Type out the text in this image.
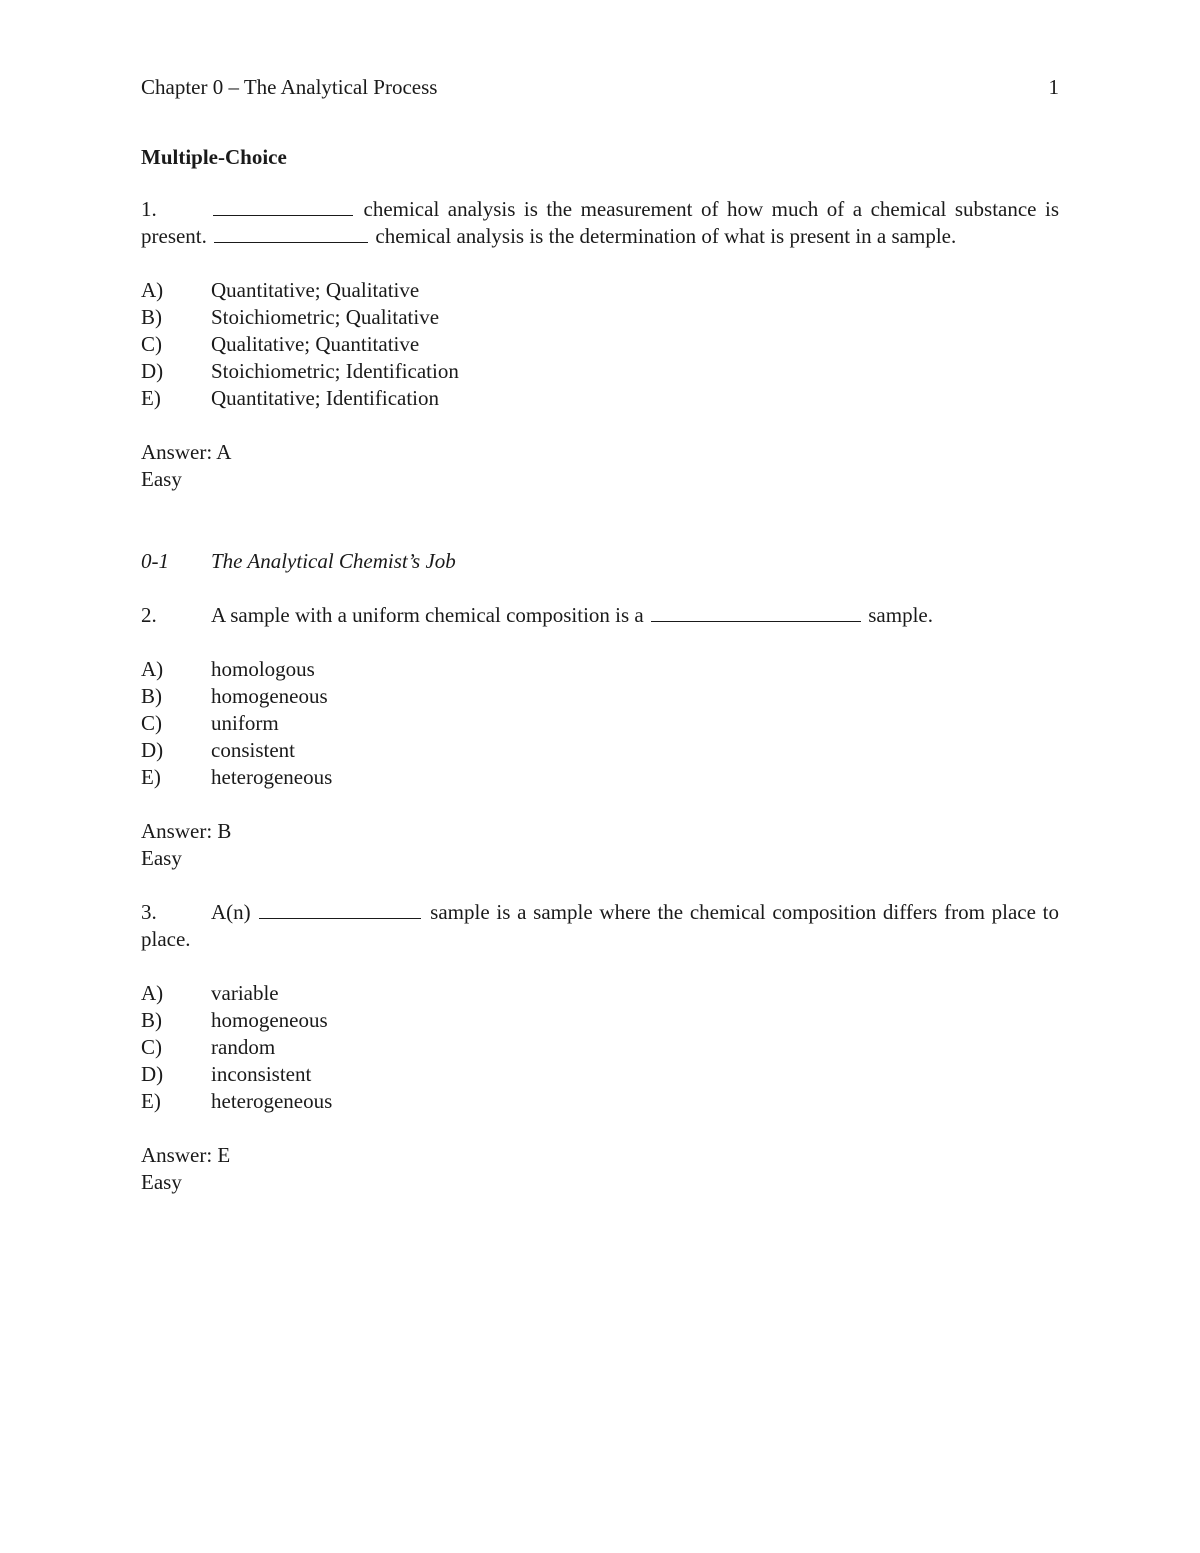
Chapter 0 – The Analytical Process	1
Multiple-Choice

1.	chemical analysis is the measurement of how much of a chemical substance is present.	chemical analysis is the determination of what is present in a sample.

A) Quantitative; Qualitative
B) Stoichiometric; Qualitative
C) Qualitative; Quantitative
D) Stoichiometric; Identification
E) Quantitative; Identification
Answer: A
Easy
0-1 The Analytical Chemist’s Job

2.	A sample with a uniform chemical composition is a	sample.

A) homologous
B) homogeneous
C) uniform
D) consistent
E) heterogeneous
Answer: B
Easy

3.	A(n)	sample is a sample where the chemical composition differs from place to place.

A) variable
B) homogeneous
C) random
D) inconsistent
E) heterogeneous
Answer: E
Easy
